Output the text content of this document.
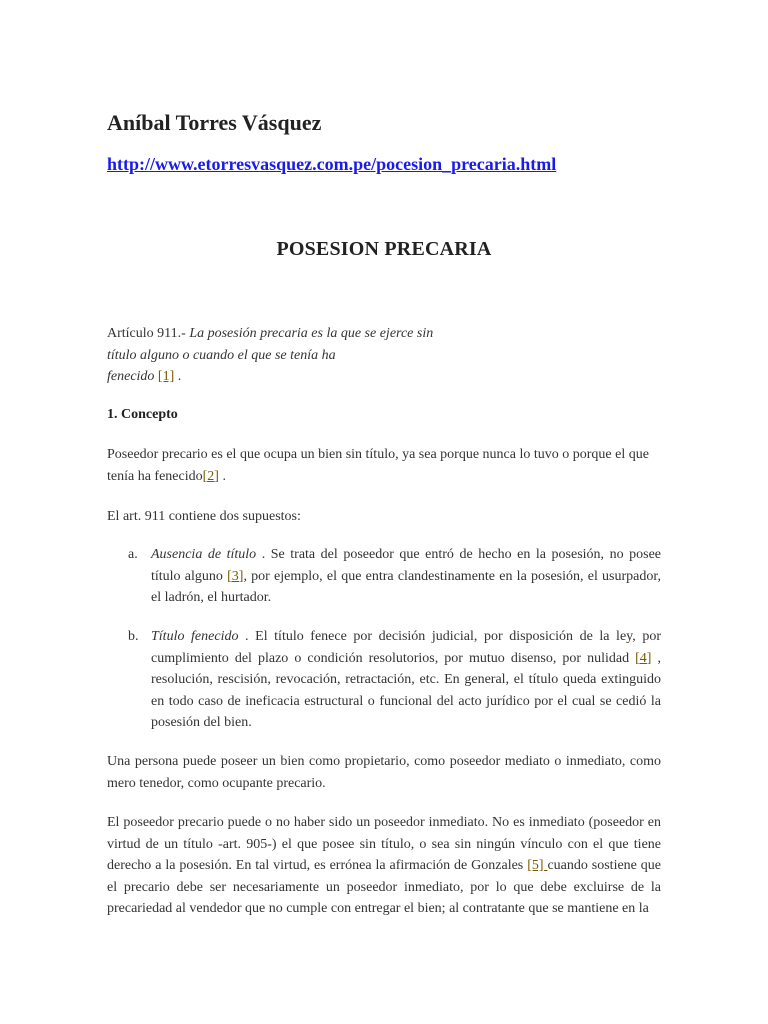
Aníbal Torres Vásquez
http://www.etorresvasquez.com.pe/pocesion_precaria.html
POSESION PRECARIA

Artículo 911.- La posesión precaria es la que se ejerce sin
título alguno o cuando el que se tenía ha
fenecido [1] .

1. Concepto

Poseedor precario es el que ocupa un bien sin título, ya sea porque nunca lo tuvo o porque el que
tenía ha fenecido[2] .

El art. 911 contiene dos supuestos:

a. Ausencia de título . Se trata del poseedor que entró de hecho en la posesión, no posee título alguno [3], por ejemplo, el que entra clandestinamente en la posesión, el usurpador, el ladrón, el hurtador.

b. Título fenecido . El título fenece por decisión judicial, por disposición de la ley, por cumplimiento del plazo o condición resolutorios, por mutuo disenso, por nulidad [4] , resolución, rescisión, revocación, retractación, etc. En general, el título queda extinguido en todo caso de ineficacia estructural o funcional del acto jurídico por el cual se cedió la posesión del bien.

Una persona puede poseer un bien como propietario, como poseedor mediato o inmediato, como mero tenedor, como ocupante precario.

El poseedor precario puede o no haber sido un poseedor inmediato. No es inmediato (poseedor en virtud de un título -art. 905-) el que posee sin título, o sea sin ningún vínculo con el que tiene derecho a la posesión. En tal virtud, es errónea la afirmación de Gonzales [5] cuando sostiene que el precario debe ser necesariamente un poseedor inmediato, por lo que debe excluirse de la precariedad al vendedor que no cumple con entregar el bien; al contratante que se mantiene en la
